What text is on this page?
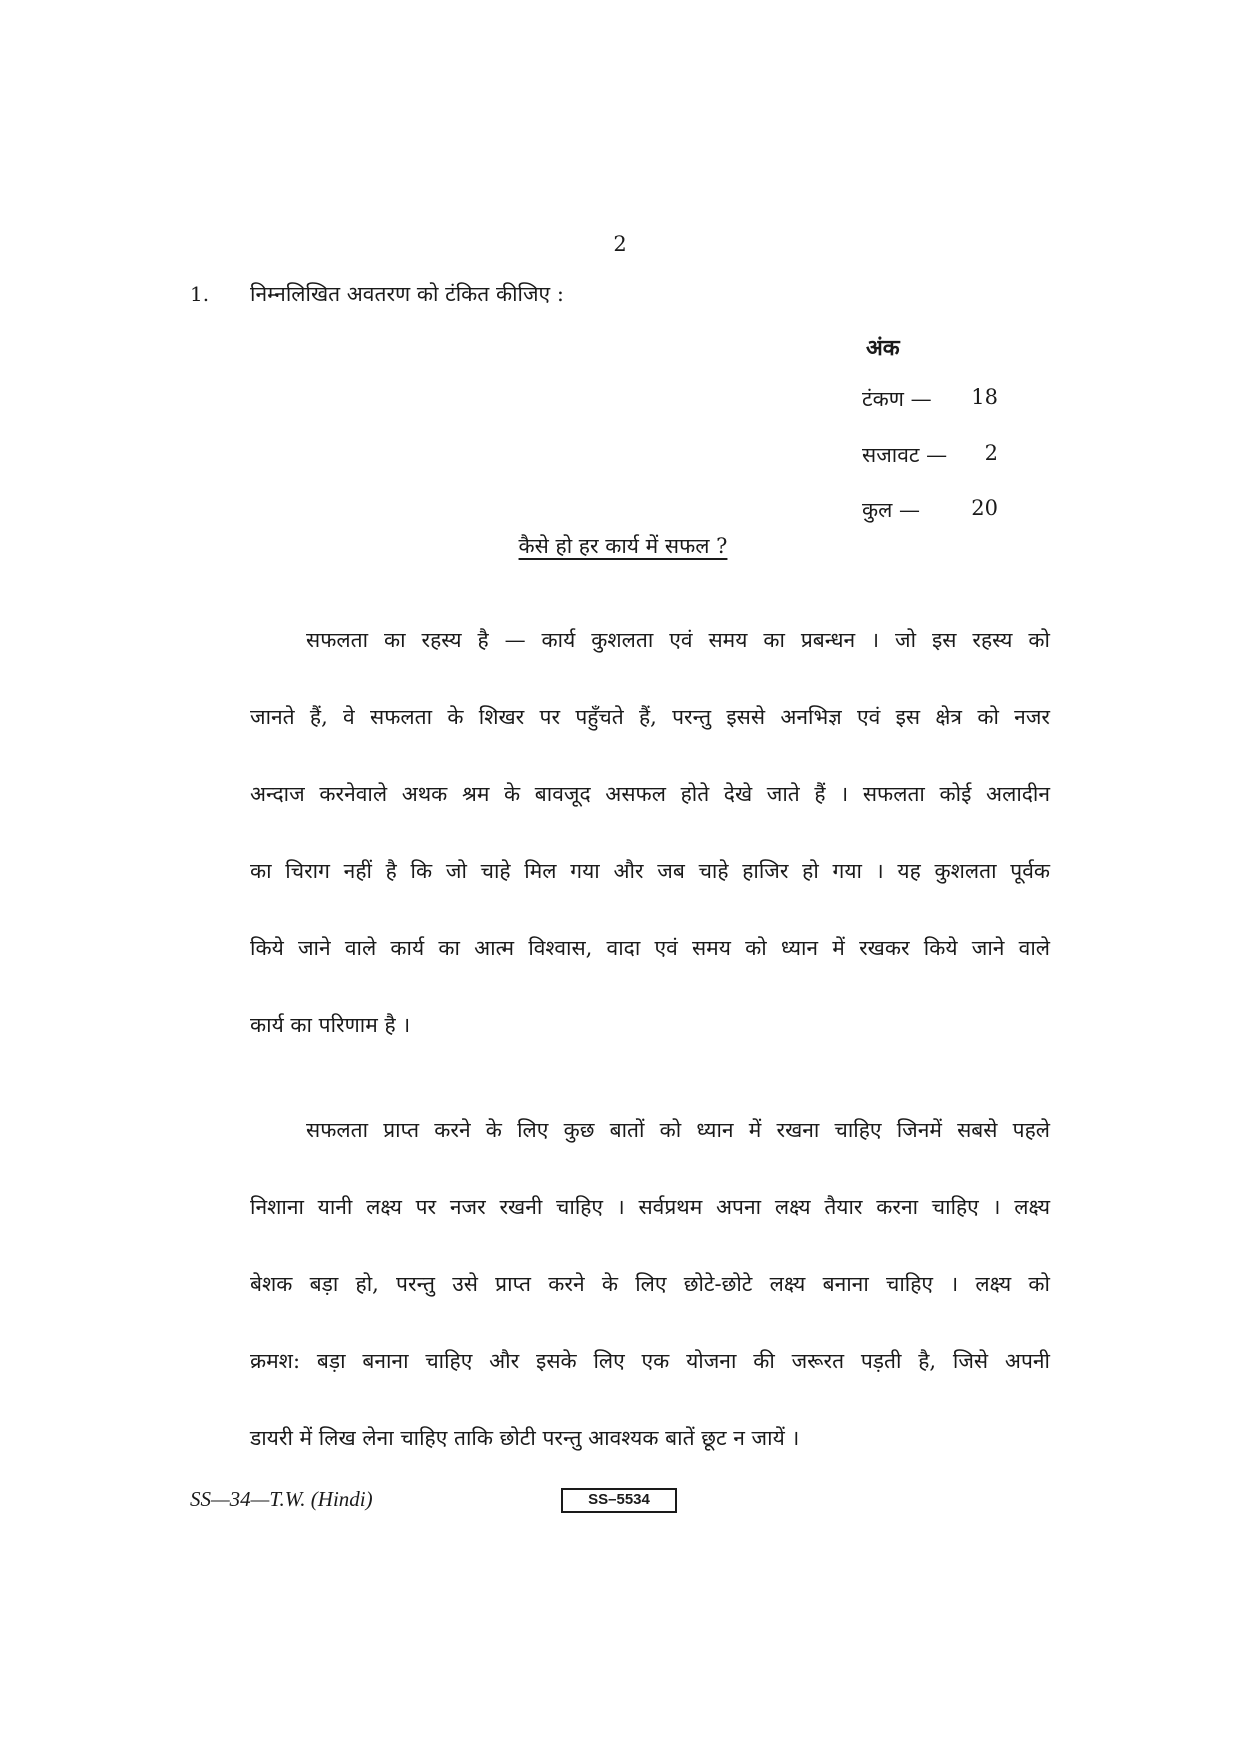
2
1. निम्नलिखित अवतरण को टंकित कीजिए :
अंक
टंकण — 18
सजावट — 2
कुल — 20
कैसे हो हर कार्य में सफल ?
सफलता का रहस्य है — कार्य कुशलता एवं समय का प्रबन्धन । जो इस रहस्य को
जानते हैं, वे सफलता के शिखर पर पहुँचते हैं, परन्तु इससे अनभिज्ञ एवं इस क्षेत्र को नजर
अन्दाज करनेवाले अथक श्रम के बावजूद असफल होते देखे जाते हैं । सफलता कोई अलादीन
का चिराग नहीं है कि जो चाहे मिल गया और जब चाहे हाजिर हो गया । यह कुशलता पूर्वक
किये जाने वाले कार्य का आत्म विश्वास, वादा एवं समय को ध्यान में रखकर किये जाने वाले
कार्य का परिणाम है ।
सफलता प्राप्त करने के लिए कुछ बातों को ध्यान में रखना चाहिए जिनमें सबसे पहले
निशाना यानी लक्ष्य पर नजर रखनी चाहिए । सर्वप्रथम अपना लक्ष्य तैयार करना चाहिए । लक्ष्य
बेशक बड़ा हो, परन्तु उसे प्राप्त करने के लिए छोटे-छोटे लक्ष्य बनाना चाहिए । लक्ष्य को
क्रमश: बड़ा बनाना चाहिए और इसके लिए एक योजना की जरूरत पड़ती है, जिसे अपनी
डायरी में लिख लेना चाहिए ताकि छोटी परन्तु आवश्यक बातें छूट न जायें ।
SS—34—T.W. (Hindi)	SS–5534
